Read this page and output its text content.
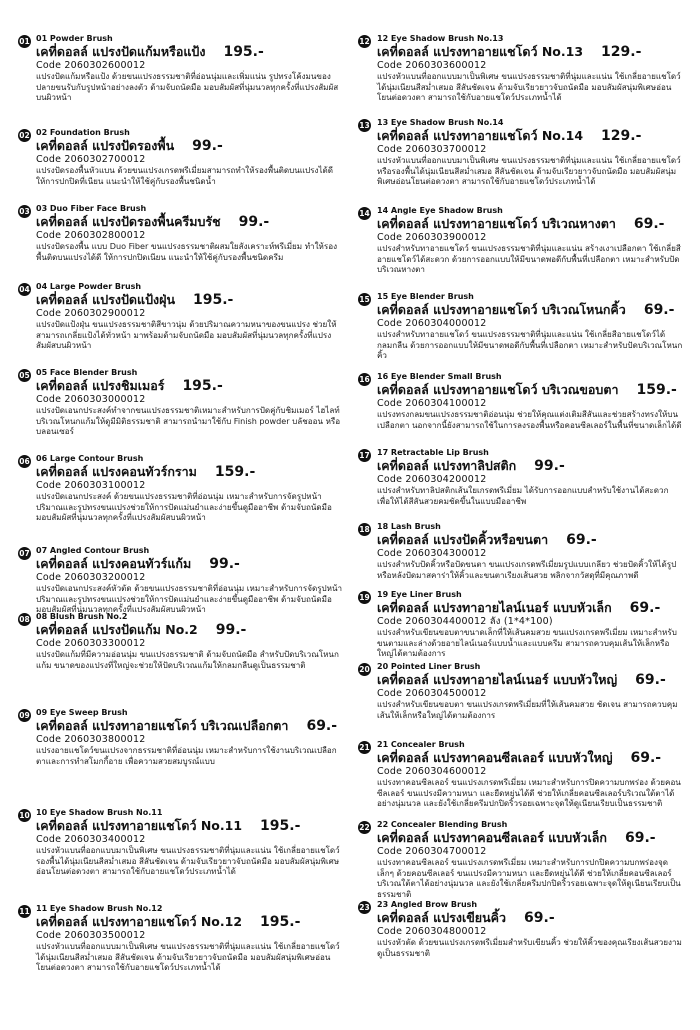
01 01 Powder Brush
เคที่ดอลล์ แปรงปัดแก้มหรือแป้ง 195.-
Code 2060302600012
แปรงปัดแก้มหรือแป้ง ด้วยขนแปรงธรรมชาติที่อ่อนนุ่มและเพิ่มแน่น รูปทรงโค้งมนของปลายขนรับกับรูปหน้าอย่างลงตัว ด้ามจับถนัดมือ มอบสัมผัสที่นุ่มนวลทุกครั้งที่แปรงสัมผัสบนผิวหน้า
02 02 Foundation Brush
เคที่ดอลล์ แปรงปัดรองพื้น 99.-
Code 2060302700012
แปรงปัดรองพื้นหัวแบน ด้วยขนแปรงเกรดพรีเมี่ยมสามารถทำให้รองพื้นติดบนแปรงได้ดี ให้การปกปิดที่เนียน แนะนำให้ใช้คู่กับรองพื้นชนิดน้ำ
03 03 Duo Fiber Face Brush
เคที่ดอลล์ แปรงปัดรองพื้นครีมบรัช 99.-
Code 2060302800012
แปรงปัดรองพื้น แบบ Duo Fiber ขนแปรงธรรมชาติผสมใยสังเคราะห์พรีเมี่ยม ทำให้รองพื้นติดบนแปรงได้ดี ให้การปกปิดเนียน แนะนำให้ใช้คู่กับรองพื้นชนิดครีม
04 04 Large Powder Brush
เคที่ดอลล์ แปรงปัดแป้งฝุ่น 195.-
Code 2060302900012
แปรงปัดแป้งฝุ่น ขนแปรงธรรมชาติสีขาวนุ่ม ด้วยปริมาณความหนาของขนแปรง ช่วยให้สามารถเกลี่ยแป้งได้ทั่วหน้า มาพร้อมด้ามจับถนัดมือ มอบสัมผัสที่นุ่มนวลทุกครั้งที่แปรงสัมผัสบนผิวหน้า
05 05 Face Blender Brush
เคที่ดอลล์ แปรงชิมเมอร์ 195.-
Code 2060303000012
แปรงปัดเอนกประสงค์ทำจากขนแปรงธรรมชาติเหมาะสำหรับการปัดคู่กับชิมเมอร์ ไฮไลท์ บริเวณโหนกแก้มให้ดูมีมิติธรรมชาติ สามารถนำมาใช้กับ Finish powder บลัชออน หรือ บลอนเซอร์
06 06 Large Contour Brush
เคที่ดอลล์ แปรงคอนทัวร์กราม 159.-
Code 2060303100012
แปรงปัดเอนกประสงค์ ด้วยขนแปรงธรรมชาติที่อ่อนนุ่ม เหมาะสำหรับการจัดรูปหน้า ปริมาณและรูปทรงขนแปรงช่วยให้การปัดแม่นยำและง่ายขึ้นดูมืออาชีพ ด้ามจับถนัดมือ มอบสัมผัสที่นุ่มนวลทุกครั้งที่แปรงสัมผัสบนผิวหน้า
07 07 Angled Contour Brush
เคที่ดอลล์ แปรงคอนทัวร์แก้ม 99.-
Code 2060303200012
แปรงปัดเอนกประสงค์หัวตัด ด้วยขนแปรงธรรมชาติที่อ่อนนุ่ม เหมาะสำหรับการจัดรูปหน้า ปริมาณและรูปทรงขนแปรงช่วยให้การปัดแม่นยำและง่ายขึ้นดูมืออาชีพ ด้ามจับถนัดมือ มอบสัมผัสที่นุ่มนวลทุกครั้งที่แปรงสัมผัสบนผิวหน้า
08 08 Blush Brush No.2
เคที่ดอลล์ แปรงปัดแก้ม No.2 99.-
Code 2060303300012
แปรงปัดแก้มที่มีความอ่อนนุ่ม ขนแปรงธรรมชาติ ด้ามจับถนัดมือ สำหรับปัดบริเวณโหนกแก้ม ขนาดของแปรงที่ใหญ่จะช่วยให้ปัดบริเวณแก้มให้กลมกลืนดูเป็นธรรมชาติ
09 09 Eye Sweep Brush
เคที่ดอลล์ แปรงทาอายแชโดว์ บริเวณเปลือกตา 69.-
Code 2060303800012
แปรงอายแชโดว์ขนแปรงจากธรรมชาติที่อ่อนนุ่ม เหมาะสำหรับการใช้งานบริเวณเปลือกตาและการทำสโมกกี้อาย เพื่อความสวยสมบูรณ์แบบ
10 10 Eye Shadow Brush No.11
เคที่ดอลล์ แปรงทาอายแชโดว์ No.11 195.-
Code 2060303400012
แปรงหัวแบนที่ออกแบบมาเป็นพิเศษ ขนแปรงธรรมชาติที่นุ่มและแน่น ใช้เกลี่ยอายแชโดว์รองพื้นได้นุ่มเนียนสีสม่ำเสมอ สีสันชัดเจน ด้ามจับเรียวยาวจับถนัดมือ มอบสัมผัสนุ่มพิเศษอ่อนโยนต่อดวงตา สามารถใช้กับอายแชโดว์ประเภทน้ำได้
11 11 Eye Shadow Brush No.12
เคที่ดอลล์ แปรงทาอายแชโดว์ No.12 195.-
Code 2060303500012
แปรงหัวแบนที่ออกแบบมาเป็นพิเศษ ขนแปรงธรรมชาติที่นุ่มและแน่น ใช้เกลี่ยอายแชโดว์ได้นุ่มเนียนสีสม่ำเสมอ สีสันชัดเจน ด้ามจับเรียวยาวจับถนัดมือ มอบสัมผัสนุ่มพิเศษอ่อนโยนต่อดวงตา สามารถใช้กับอายแชโดว์ประเภทน้ำได้
12 12 Eye Shadow Brush No.13
เคที่ดอลล์ แปรงทาอายแชโดว์ No.13 129.-
Code 2060303600012
แปรงหัวแบนที่ออกแบบมาเป็นพิเศษ ขนแปรงธรรมชาติที่นุ่มและแน่น ใช้เกลี่ยอายแชโดว์ได้นุ่มเนียนสีสม่ำเสมอ สีสันชัดเจน ด้ามจับเรียวยาวจับถนัดมือ มอบสัมผัสนุ่มพิเศษอ่อนโยนต่อดวงตา สามารถใช้กับอายแชโดว์ประเภทน้ำได้
13 13 Eye Shadow Brush No.14
เคที่ดอลล์ แปรงทาอายแชโดว์ No.14 129.-
Code 2060303700012
แปรงหัวแบนที่ออกแบบมาเป็นพิเศษ ขนแปรงธรรมชาติที่นุ่มและแน่น ใช้เกลี่ยอายแชโดว์หรือรองพื้นได้นุ่มเนียนสีสม่ำเสมอ สีสันชัดเจน ด้ามจับเรียวยาวจับถนัดมือ มอบสัมผัสนุ่มพิเศษอ่อนโยนต่อดวงตา สามารถใช้กับอายแชโดว์ประเภทน้ำได้
14 14 Angle Eye Shadow Brush
เคที่ดอลล์ แปรงทาอายแชโดว์ บริเวณหางตา 69.-
Code 2060303900012
แปรงสำหรับทาอายแชโดว์ ขนแปรงธรรมชาติที่นุ่มและแน่น สร้างเงาเปลือกตา ใช้เกลี่ยสีอายแชโดว์ได้สะดวก ด้วยการออกแบบให้มีขนาดพอดีกับพื้นที่เปลือกตา เหมาะสำหรับปัดบริเวณหางตา
15 15 Eye Blender Brush
เคที่ดอลล์ แปรงทาอายแชโดว์ บริเวณโหนกคิ้ว 69.-
Code 2060304000012
แปรงสำหรับทาอายแชโดว์ ขนแปรงธรรมชาติที่นุ่มและแน่น ใช้เกลี่ยสีอายแชโดว์ได้กลมกลืน ด้วยการออกแบบให้มีขนาดพอดีกับพื้นที่เปลือกตา เหมาะสำหรับปัดบริเวณโหนกคิ้ว
16 16 Eye Blender Small Brush
เคที่ดอลล์ แปรงทาอายแชโดว์ บริเวณขอบตา 159.-
Code 2060304100012
แปรงทรงกลมขนแปรงธรรมชาติอ่อนนุ่ม ช่วยให้คุณแต่งเติมสีสันและช่วยสร้างทรงให้บนเปลือกตา นอกจากนี้ยังสามารถใช้ในการลงรองพื้นหรือคอนซีลเลอร์ในพื้นที่ขนาดเล็กได้ดี
17 17 Retractable Lip Brush
เคที่ดอลล์ แปรงทาลิปสติก 99.-
Code 2060304200012
แปรงสำหรับทาลิปสติกเส้นใยเกรดพรีเมี่ยม ได้รับการออกแบบสำหรับใช้งานได้สะดวก เพื่อให้ได้สีสันสวยคมชัดขึ้นในแบบมืออาชีพ
18 18 Lash Brush
เคที่ดอลล์ แปรงปัดคิ้วหรือขนตา 69.-
Code 2060304300012
แปรงสำหรับปัดคิ้วหรือปัดขนตา ขนแปรงเกรดพรีเมี่ยมรูปแบบเกลียว ช่วยปัดคิ้วให้ได้รูปหรือหลังปัดมาสคาร่าให้คิ้วและขนตาเรียงเส้นสวย พลิกจากวัสดุที่มีคุณภาพดี
19 19 Eye Liner Brush
เคที่ดอลล์ แปรงทาอายไลน์เนอร์ แบบหัวเล็ก 69.-
Code 2060304400012 ลัง (1*4*100)
แปรงสำหรับเขียนขอบตาขนาดเล็กที่ให้เส้นคมสวย ขนแปรงเกรดพรีเมี่ยม เหมาะสำหรับขนตามและล่างด้วยอายไลน์เนอร์แบบน้ำและแบบครีม สามารถควบคุมเส้นให้เล็กหรือใหญ่ได้ตามต้องการ
20 20 Pointed Liner Brush
เคที่ดอลล์ แปรงทาอายไลน์เนอร์ แบบหัวใหญ่ 69.-
Code 2060304500012
แปรงสำหรับเขียนขอบตา ขนแปรงเกรดพรีเมี่ยมที่ให้เส้นคมสวย ชัดเจน สามารถควบคุมเส้นให้เล็กหรือใหญ่ได้ตามต้องการ
21 21 Concealer Brush
เคที่ดอลล์ แปรงทาคอนซีลเลอร์ แบบหัวใหญ่ 69.-
Code 2060304600012
แปรงทาคอนซีลเลอร์ ขนแปรงเกรดพรีเมี่ยม เหมาะสำหรับการปิดความบกพร่อง ด้วยคอนซีลเลอร์ ขนแปรงมีความหนา และยืดหยุ่นได้ดี ช่วยให้เกลี่ยคอนซีลเลอร์บริเวณใต้ตาได้อย่างนุ่มนวล และยังใช้เกลี่ยครีมปกปิดริ้วรอยเฉพาะจุดให้ดูเนียนเรียบเป็นธรรมชาติ
22 22 Concealer Blending Brush
เคที่ดอลล์ แปรงทาคอนซีลเลอร์ แบบหัวเล็ก 69.-
Code 2060304700012
แปรงทาคอนซีลเลอร์ ขนแปรงเกรดพรีเมี่ยม เหมาะสำหรับการปกปิดความบกพร่องจุดเล็กๆ ด้วยคอนซีลเลอร์ ขนแปรงมีความหนา และยืดหยุ่นได้ดี ช่วยให้เกลี่ยคอนซีลเลอร์บริเวณใต้ตาได้อย่างนุ่มนวล และยังใช้เกลี่ยครีมปกปิดริ้วรอยเฉพาะจุดให้ดูเนียนเรียบเป็นธรรมชาติ
23 23 Angled Brow Brush
เคที่ดอลล์ แปรงเขียนคิ้ว 69.-
Code 2060304800012
แปรงหัวตัด ด้วยขนแปรงเกรดพรีเมี่ยมสำหรับเขียนคิ้ว ช่วยให้คิ้วของคุณเรียงเส้นสวยงามดูเป็นธรรมชาติ
